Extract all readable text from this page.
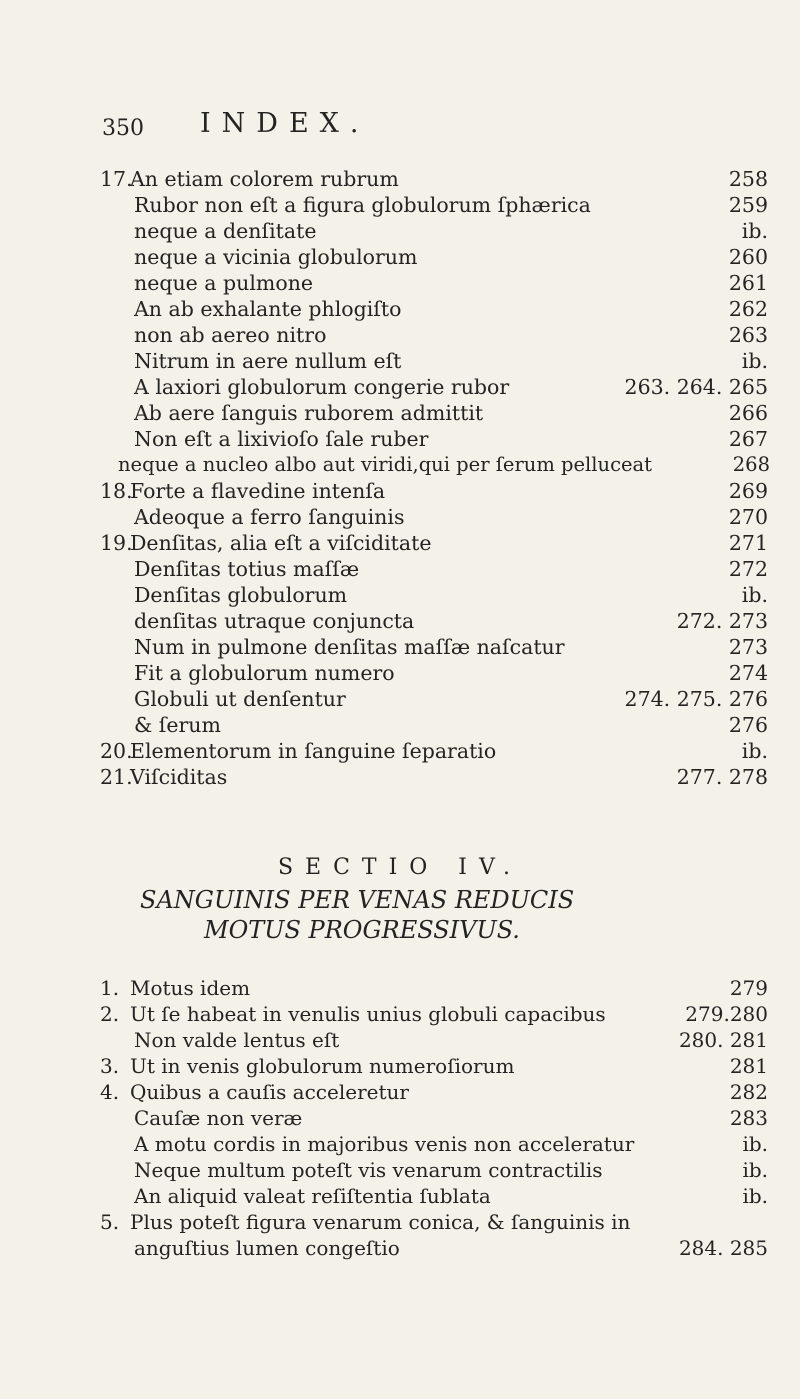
350 INDEX.
17.An etiam colorem rubrum	258
Rubor non eſt a figura globulorum ſphærica	259
neque a denſitate	ib.
neque a vicinia globulorum	260
neque a pulmone	261
An ab exhalante phlogiſto	262
non ab aereo nitro	263
Nitrum in aere nullum eſt	ib.
A laxiori globulorum congerie rubor	263. 264. 265
Ab aere ſanguis ruborem admittit	266
Non eſt a lixivioſo ſale ruber	267
neque a nucleo albo aut viridi,qui per ſerum pelluceat	268
18.Forte a flavedine intenſa	269
Adeoque a ferro ſanguinis	270
19.Denſitas, alia eſt a viſciditate	271
Denſitas totius maſſæ	272
Denſitas globulorum	ib.
denſitas utraque conjuncta	272. 273
Num in pulmone denſitas maſſæ naſcatur	273
Fit a globulorum numero	274
Globuli ut denſentur	274. 275. 276
& ſerum	276
20.Elementorum in ſanguine ſeparatio	ib.
21.Viſciditas	277. 278
SECTIO IV.
SANGUINIS PER VENAS REDUCIS
MOTUS PROGRESSIVUS.
1. Motus idem	279
2. Ut ſe habeat in venulis unius globuli capacibus	279.280
Non valde lentus eſt	280. 281
3. Ut in venis globulorum numeroſiorum	281
4. Quibus a cauſis acceleretur	282
Cauſæ non veræ	283
A motu cordis in majoribus venis non acceleratur	ib.
Neque multum poteſt vis venarum contractilis	ib.
An aliquid valeat reſiſtentia ſublata	ib.
5. Plus poteſt figura venarum conica, & ſanguinis in
anguſtius lumen congeſtio	284. 285
